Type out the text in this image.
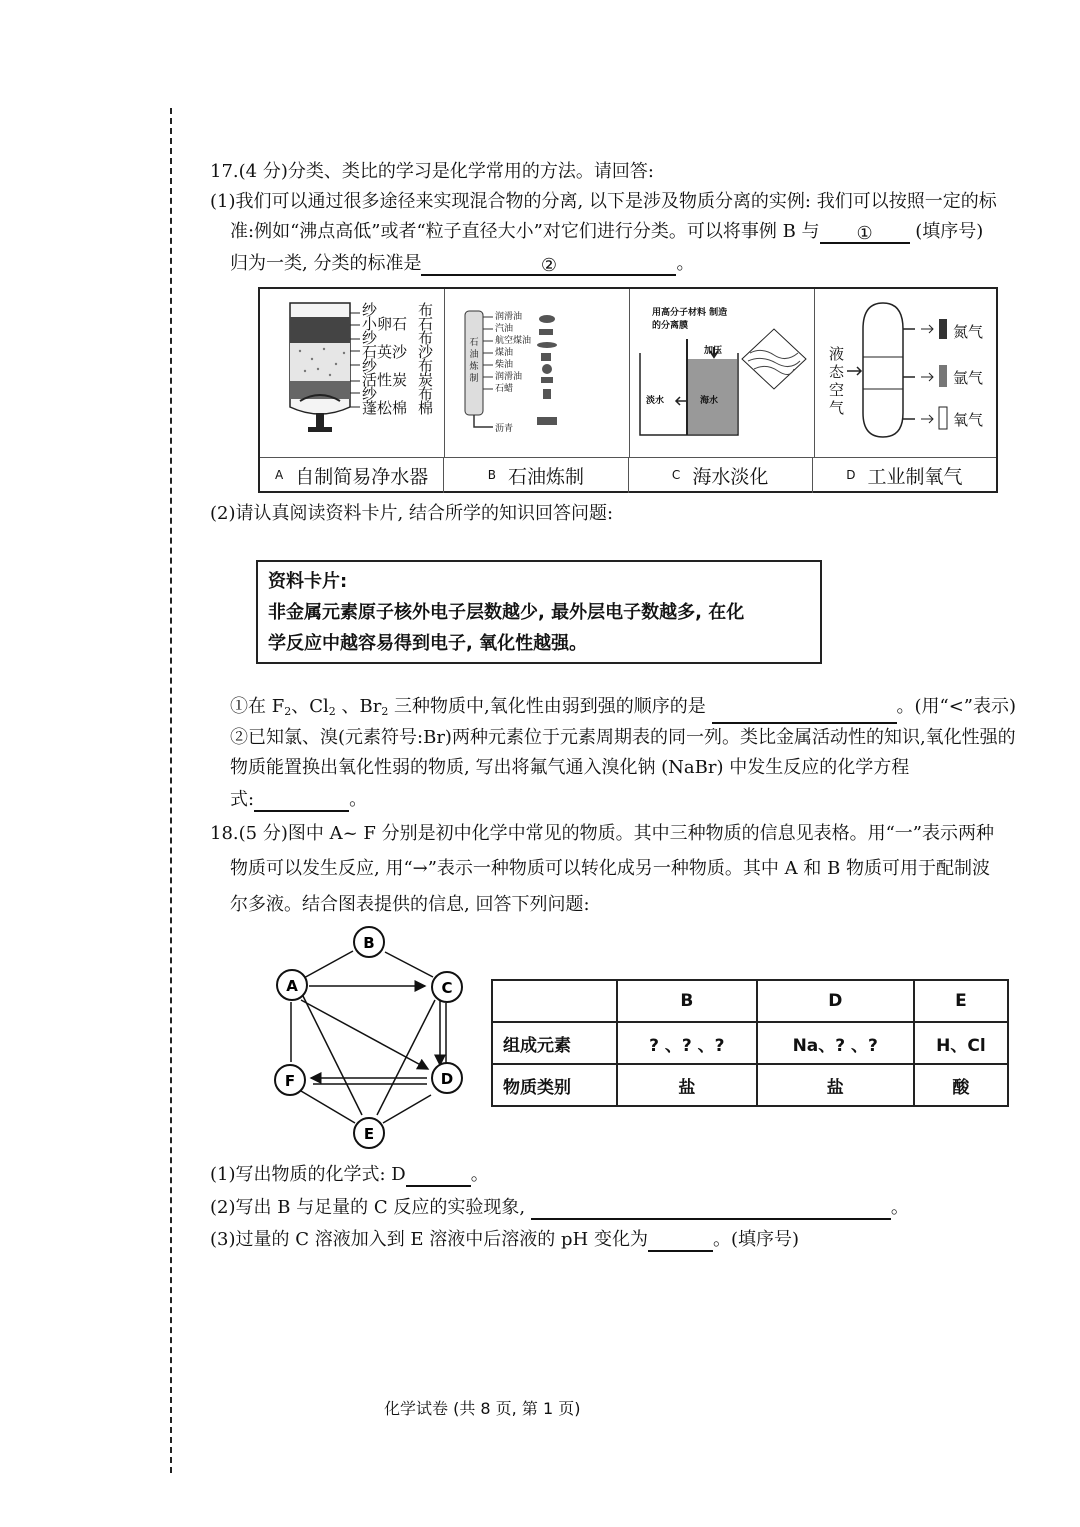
17.(4 分)分类、类比的学习是化学常用的方法。请回答:
(1)我们可以通过很多途径来实现混合物的分离, 以下是涉及物质分离的实例: 我们可以按照一定的标
准:例如“沸点高低”或者“粒子直径大小”对它们进行分类。可以将事例 B 与 ① (填序号)
归为一类, 分类的标准是	②	。
纱
小卵石
纱
石英沙
纱
活性炭
纱
蓬松棉
布
石
布
沙
布
炭
布
棉
石油炼制
润滑油
汽油
航空煤油
煤油
柴油
润滑油
石蜡
沥青
用高分子材料 制造的分离膜
加压
淡水	海水
液态空气
氮气
氩气
氧气
A 自制简易净水器	B 石油炼制	C 海水淡化	D 工业制氧气
(2)请认真阅读资料卡片, 结合所学的知识回答问题:
资料卡片:
非金属元素原子核外电子层数越少, 最外层电子数越多, 在化
学反应中越容易得到电子, 氧化性越强。
①在 $F_2$、$Cl_2$ 、$Br_2$ 三种物质中,氧化性由弱到强的顺序的是	。(用“<”表示)
②已知氯、溴(元素符号:Br)两种元素位于元素周期表的同一列。类比金属活动性的知识,氧化性强的
物质能置换出氧化性弱的物质, 写出将氟气通入溴化钠 (NaBr) 中发生反应的化学方程
式:	。
18.(5 分)图中 A~ F 分别是初中化学中常见的物质。其中三种物质的信息见表格。用“一”表示两种
物质可以发生反应, 用“→”表示一种物质可以转化成另一种物质。其中 A 和 B 物质可用于配制波
尔多液。结合图表提供的信息, 回答下列问题:
A
B
C
D
E
F
	B	D	E
组成元素	? 、? 、?	Na、? 、?	H、Cl
物质类别	盐	盐	酸
(1)写出物质的化学式: D	。
(2)写出 B 与足量的 C 反应的实验现象,	。
(3)过量的 C 溶液加入到 E 溶液中后溶液的 pH 变化为	。(填序号)
化学试卷 (共 8 页, 第 1 页)
